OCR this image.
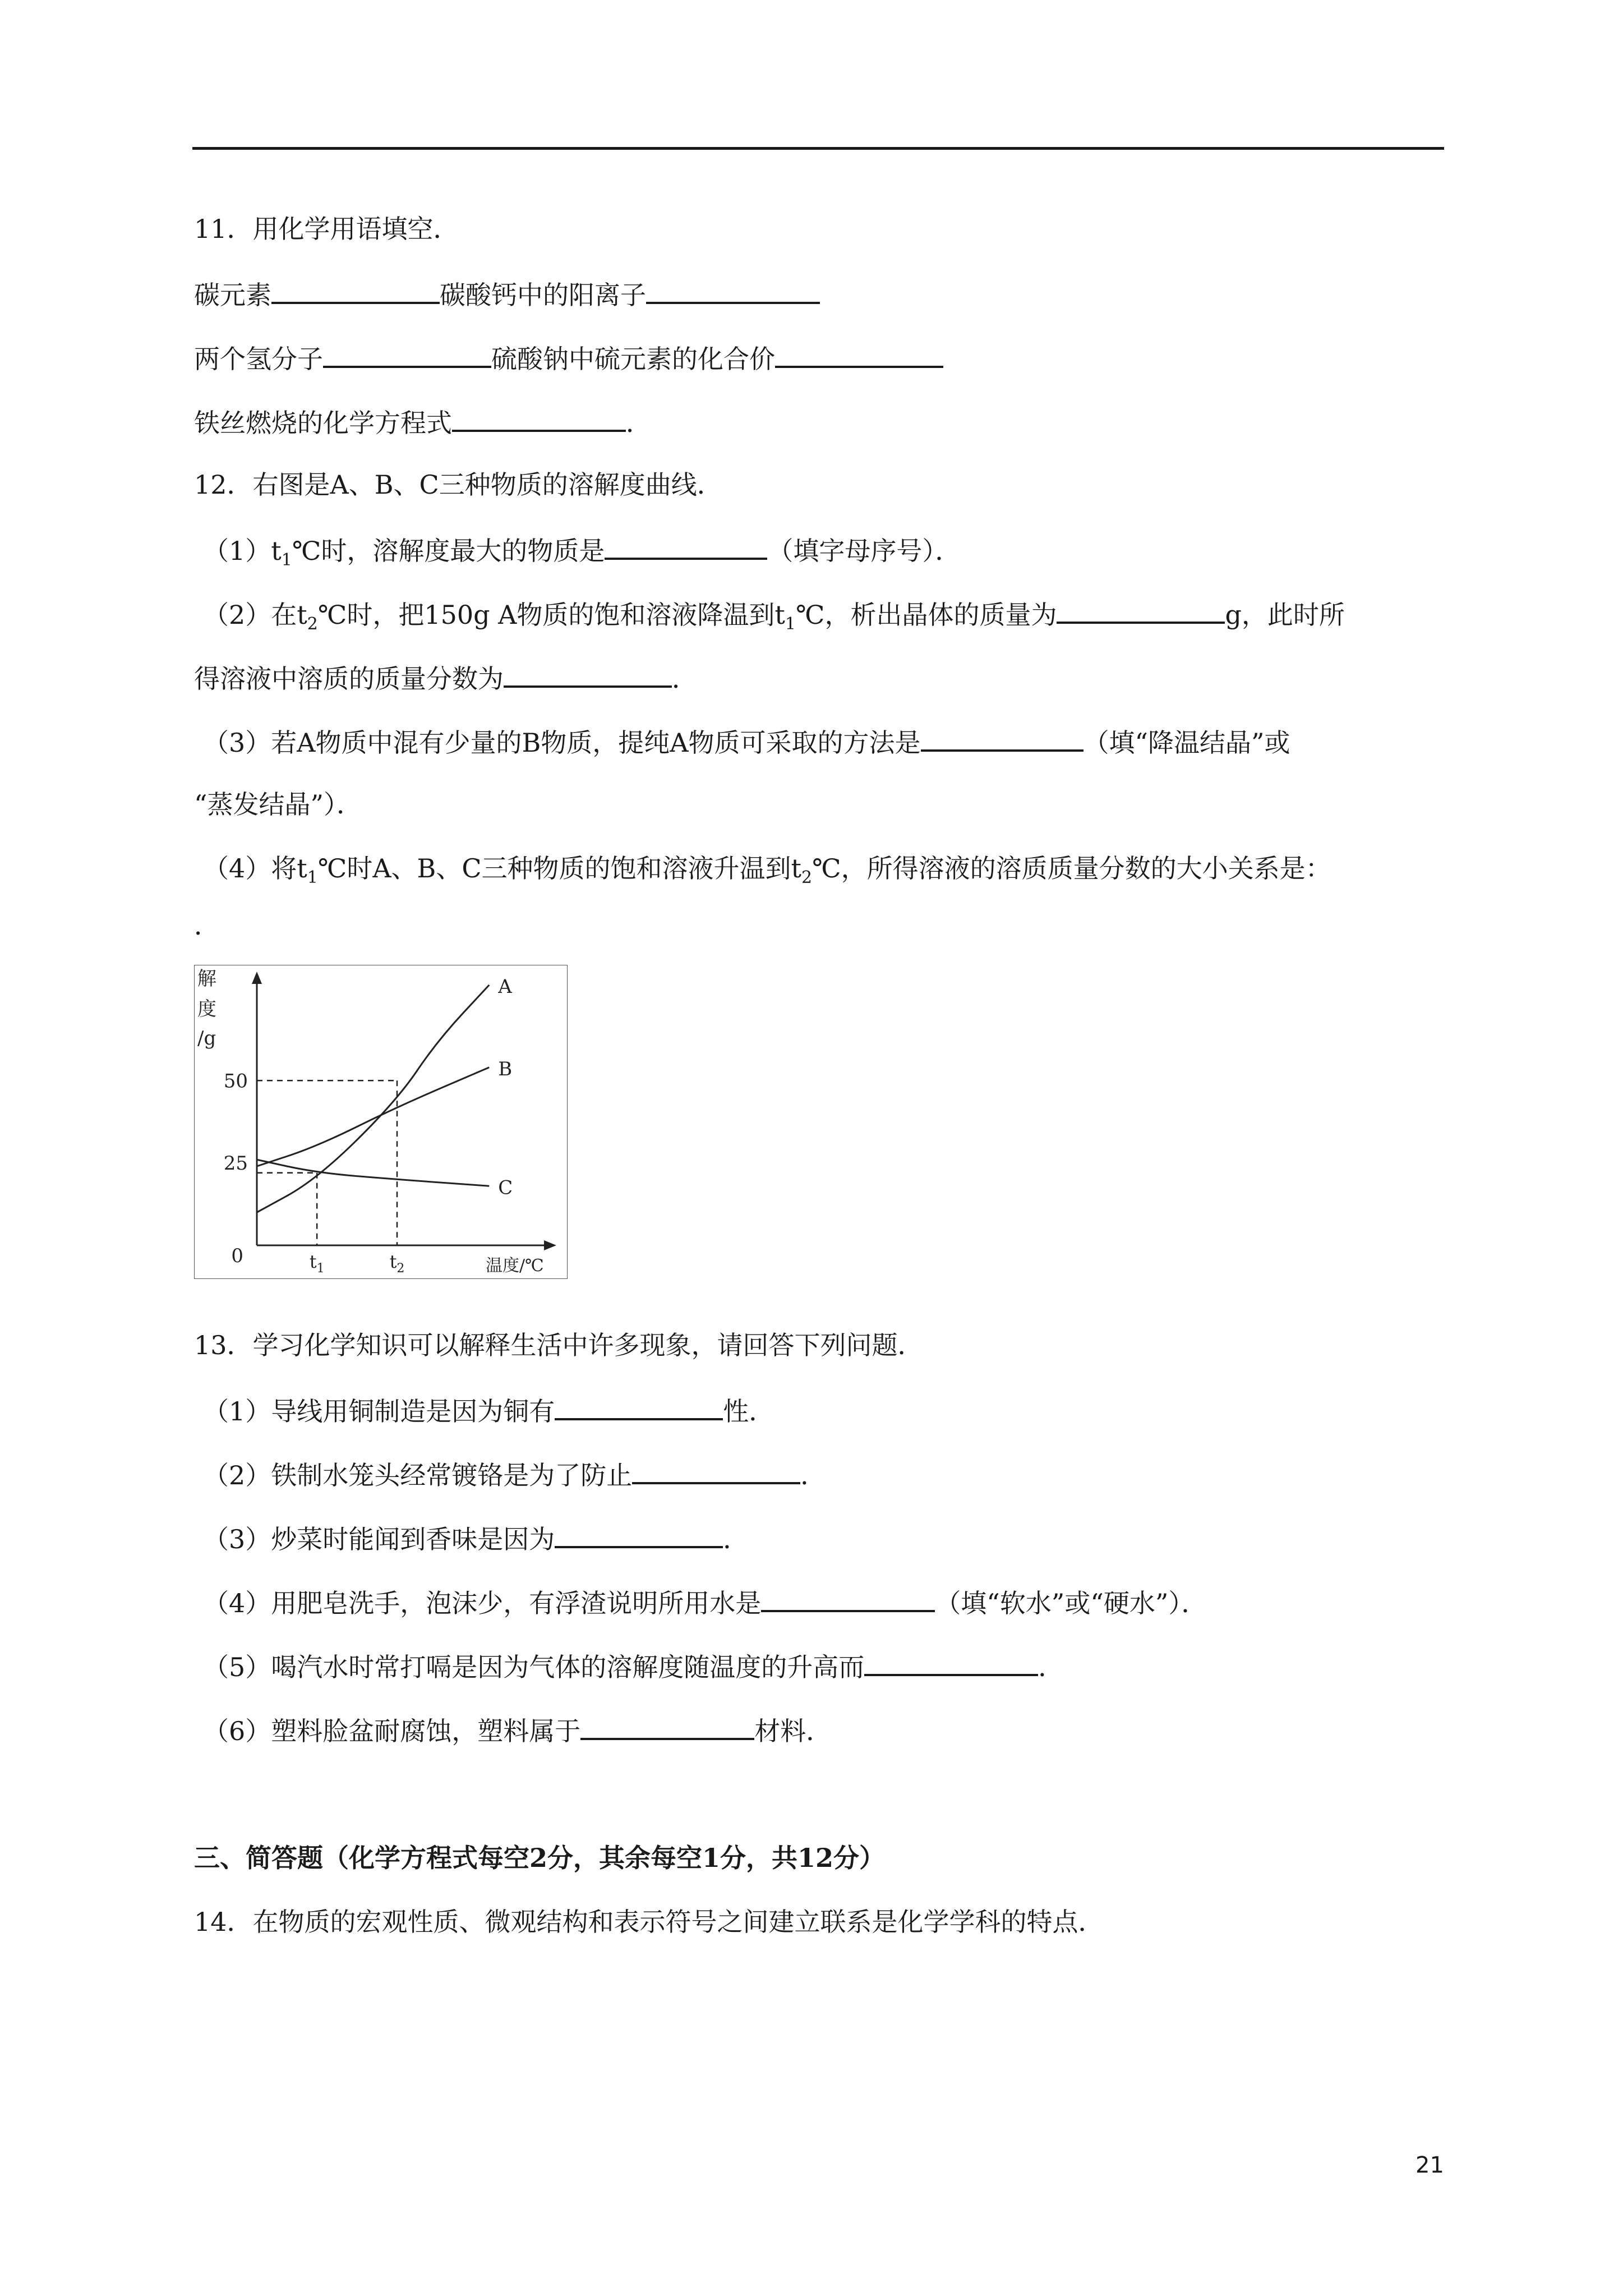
11．用化学用语填空．
碳元素	碳酸钙中的阳离子
两个氢分子	硫酸钠中硫元素的化合价
铁丝燃烧的化学方程式	．
12．右图是A、B、C三种物质的溶解度曲线．
$(1)t_1℃$时，溶解度最大的物质是	（填字母序号）．
（2）在$t_2℃$时，把150g A物质的饱和溶液降温到$t_1℃$，析出晶体的质量为	g，此时所
得溶液中溶质的质量分数为	．
（3）若A物质中混有少量的B物质，提纯A物质可采取的方法是	（填“降温结晶”或
“蒸发结晶”）．
（4）将$t_1℃$时A、B、C三种物质的饱和溶液升温到$t_2℃$，所得溶液的溶质质量分数的大小关系是：
．
A
B
C
25
50
$t_1$	$t_2$
0
解
度
/g
温度/℃
13．学习化学知识可以解释生活中许多现象，请回答下列问题．
（1）导线用铜制造是因为铜有	性．
（2）铁制水笼头经常镀铬是为了防止	．
（3）炒菜时能闻到香味是因为	．
（4）用肥皂洗手，泡沫少，有浮渣说明所用水是	（填“软水”或“硬水”）．
（5）喝汽水时常打嗝是因为气体的溶解度随温度的升高而	．
（6）塑料脸盆耐腐蚀，塑料属于	材料．
三、简答题（化学方程式每空2分，其余每空1分，共12分）
14．在物质的宏观性质、微观结构和表示符号之间建立联系是化学学科的特点．
21
